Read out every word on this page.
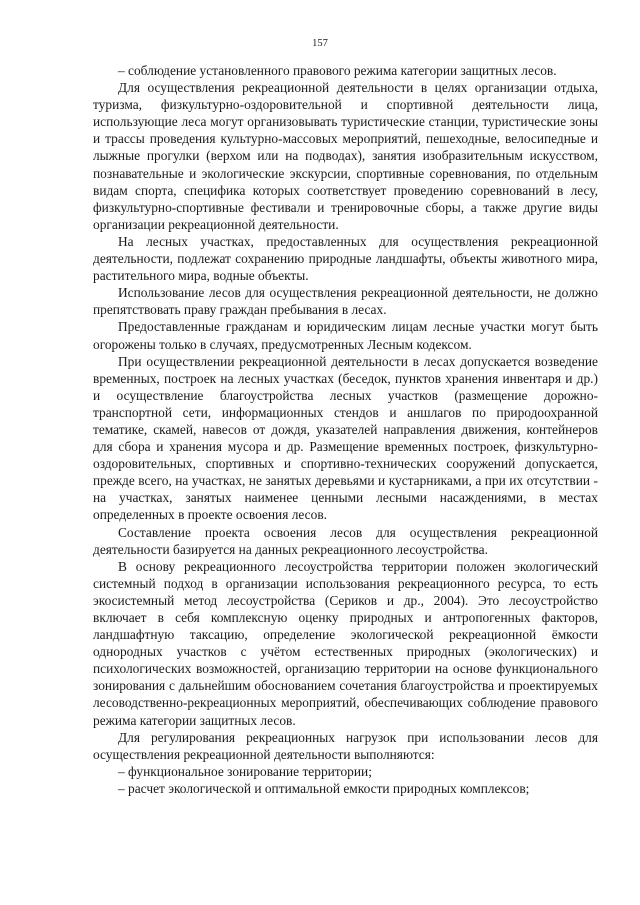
157

– соблюдение установленного правового режима категории защитных лесов.

Для осуществления рекреационной деятельности в целях организации отдыха, туризма, физкультурно-оздоровительной и спортивной деятельности лица, использующие леса могут организовывать туристические станции, туристические зоны и трассы проведения культурно-массовых мероприятий, пешеходные, велосипедные и лыжные прогулки (верхом или на подводах), занятия изобразительным искусством, познавательные и экологические экскурсии, спортивные соревнования, по отдельным видам спорта, специфика которых соответствует проведению соревнований в лесу, физкультурно-спортивные фестивали и тренировочные сборы, а также другие виды организации рекреационной деятельности.

На лесных участках, предоставленных для осуществления рекреационной деятельности, подлежат сохранению природные ландшафты, объекты животного мира, растительного мира, водные объекты.

Использование лесов для осуществления рекреационной деятельности, не должно препятствовать праву граждан пребывания в лесах.

Предоставленные гражданам и юридическим лицам лесные участки могут быть огорожены только в случаях, предусмотренных Лесным кодексом.

При осуществлении рекреационной деятельности в лесах допускается возведение временных, построек на лесных участках (беседок, пунктов хранения инвентаря и др.) и осуществление благоустройства лесных участков (размещение дорожно-транспортной сети, информационных стендов и аншлагов по природоохранной тематике, скамей, навесов от дождя, указателей направления движения, контейнеров для сбора и хранения мусора и др. Размещение временных построек, физкультурно-оздоровительных, спортивных и спортивно-технических сооружений допускается, прежде всего, на участках, не занятых деревьями и кустарниками, а при их отсутствии - на участках, занятых наименее ценными лесными насаждениями, в местах определенных в проекте освоения лесов.

Составление проекта освоения лесов для осуществления рекреационной деятельности базируется на данных рекреационного лесоустройства.

В основу рекреационного лесоустройства территории положен экологический системный подход в организации использования рекреационного ресурса, то есть экосистемный метод лесоустройства (Сериков и др., 2004). Это лесоустройство включает в себя комплексную оценку природных и антропогенных факторов, ландшафтную таксацию, определение экологической рекреационной ёмкости однородных участков с учётом естественных природных (экологических) и психологических возможностей, организацию территории на основе функционального зонирования с дальнейшим обоснованием сочетания благоустройства и проектируемых лесоводственно-рекреационных мероприятий, обеспечивающих соблюдение правового режима категории защитных лесов.

Для регулирования рекреационных нагрузок при использовании лесов для осуществления рекреационной деятельности выполняются:

– функциональное зонирование территории;

– расчет экологической и оптимальной емкости природных комплексов;
